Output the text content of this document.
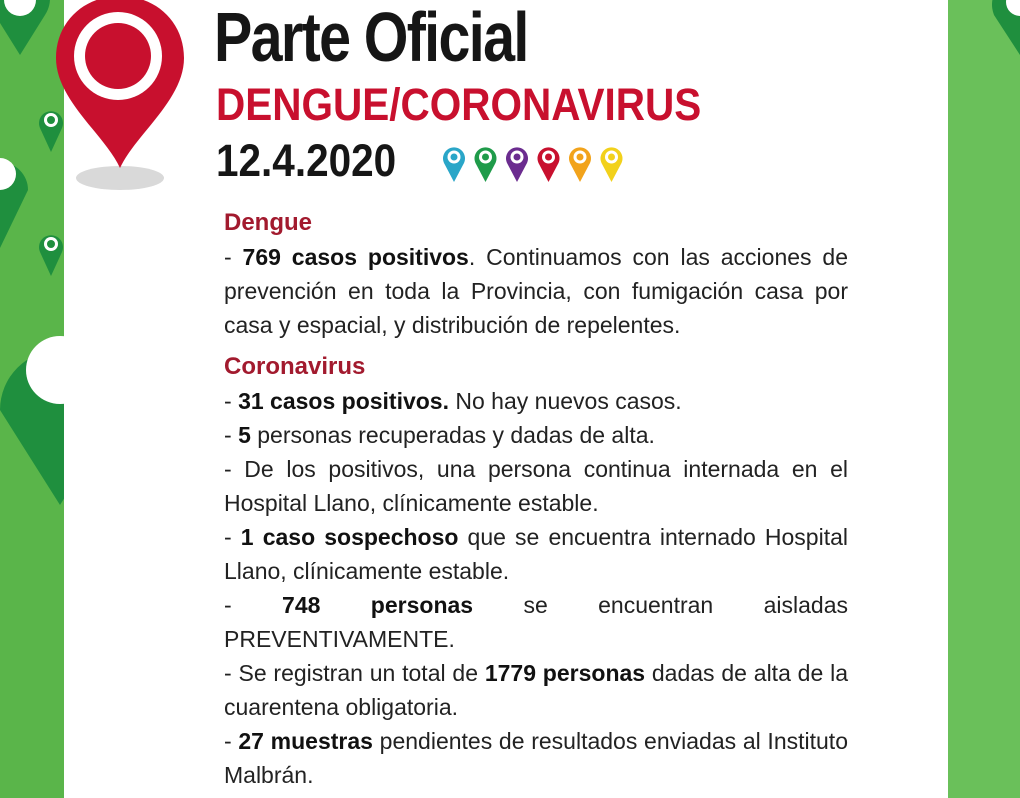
Parte Oficial
DENGUE/CORONAVIRUS
12.4.2020
Dengue

- 769 casos positivos. Continuamos con las acciones de prevención en toda la Provincia, con fumigación casa por casa y espacial, y distribución de repelentes.

Coronavirus

- 31 casos positivos. No hay nuevos casos.

- 5 personas recuperadas y dadas de alta.

- De los positivos, una persona continua internada en el Hospital Llano, clínicamente estable.

- 1 caso sospechoso que se encuentra internado Hospital Llano, clínicamente estable.

- 748 personas se encuentran aisladas PREVENTIVAMENTE.

- Se registran un total de 1779 personas dadas de alta de la cuarentena obligatoria.

- 27 muestras pendientes de resultados enviadas al Instituto Malbrán.
